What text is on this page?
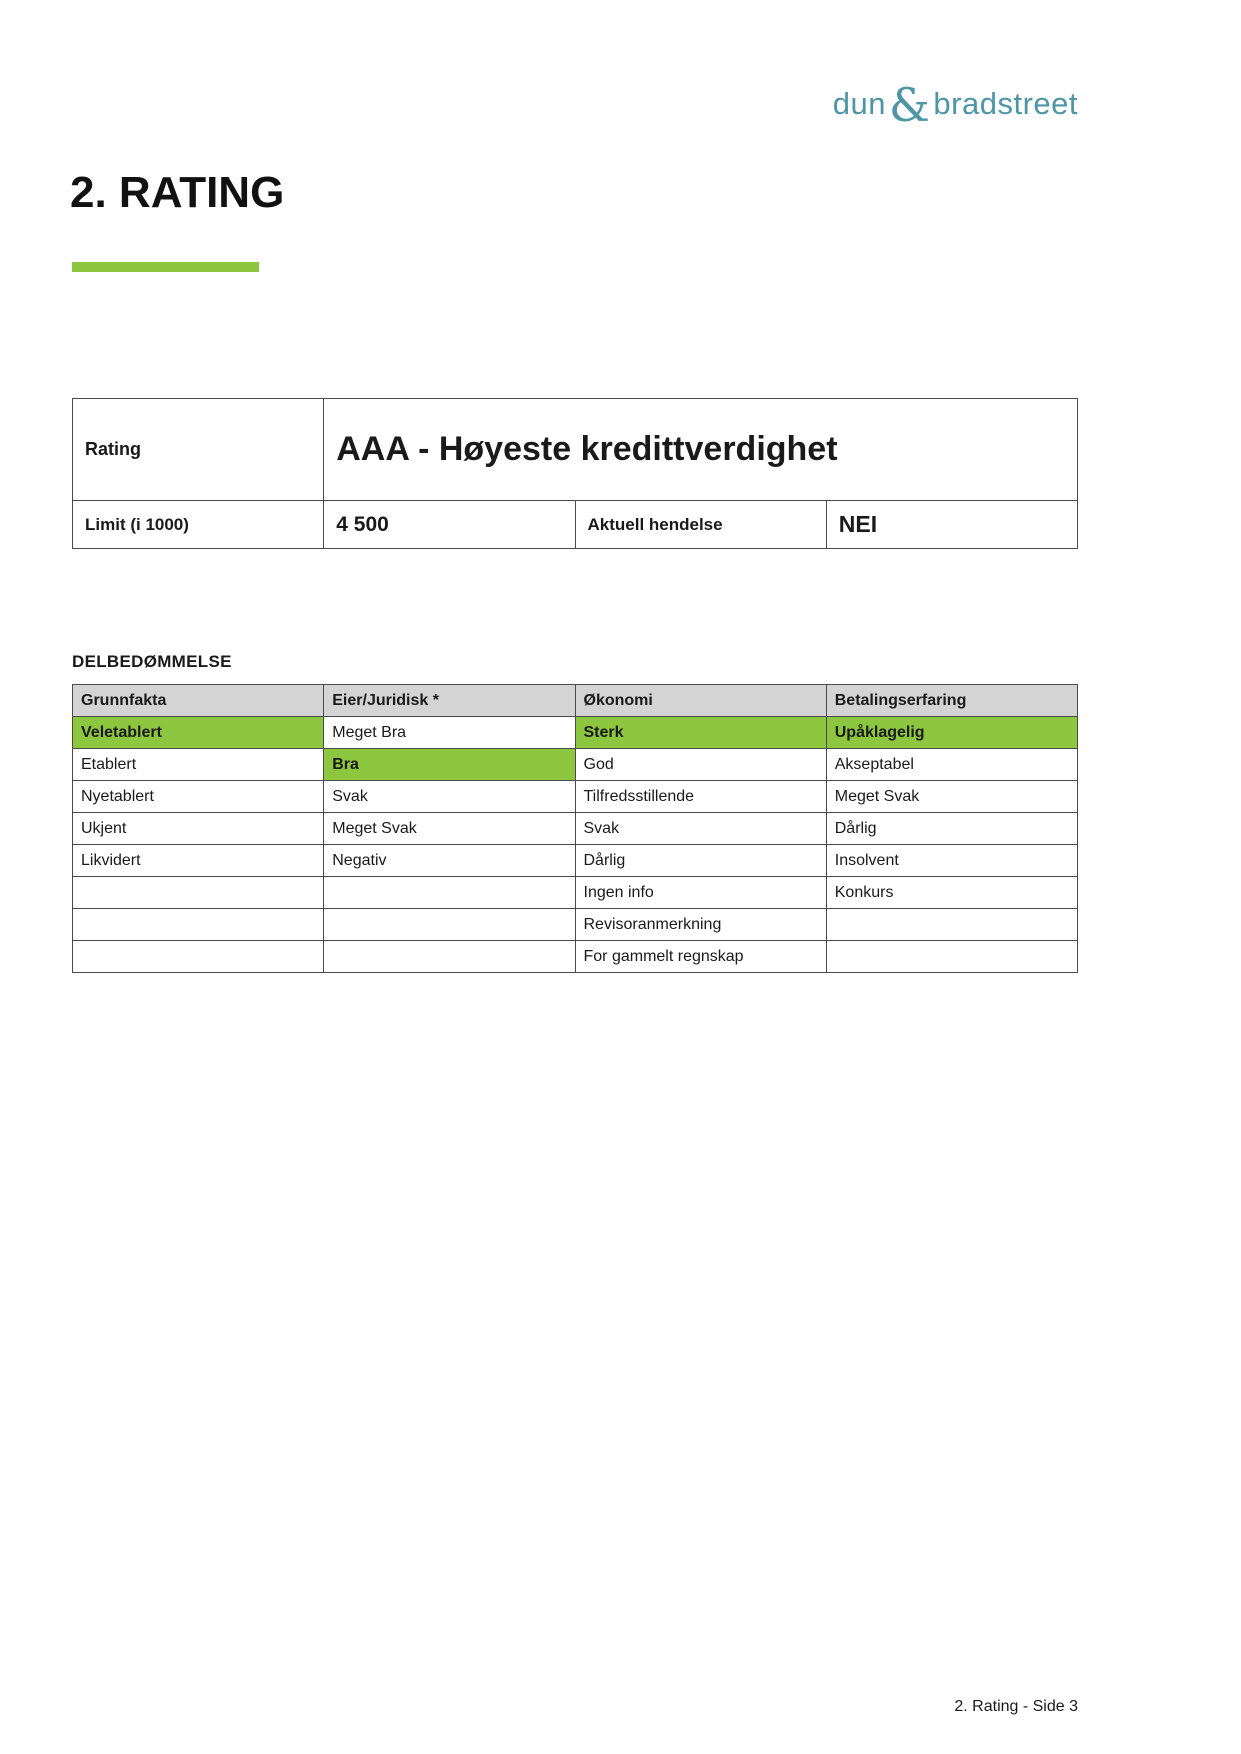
dun&bradstreet
2. RATING
Rating	AAA - Høyeste kredittverdighet		
Limit (i 1000)	4 500	Aktuell hendelse	NEI
DELBEDØMMELSE
Grunnfakta	Eier/Juridisk *	Økonomi	Betalingserfaring
Veletablert	Meget Bra	Sterk	Upåklagelig
Etablert	Bra	God	Akseptabel
Nyetablert	Svak	Tilfredsstillende	Meget Svak
Ukjent	Meget Svak	Svak	Dårlig
Likvidert	Negativ	Dårlig	Insolvent
		Ingen info	Konkurs
		Revisoranmerkning	
		For gammelt regnskap	
2. Rating - Side 3
